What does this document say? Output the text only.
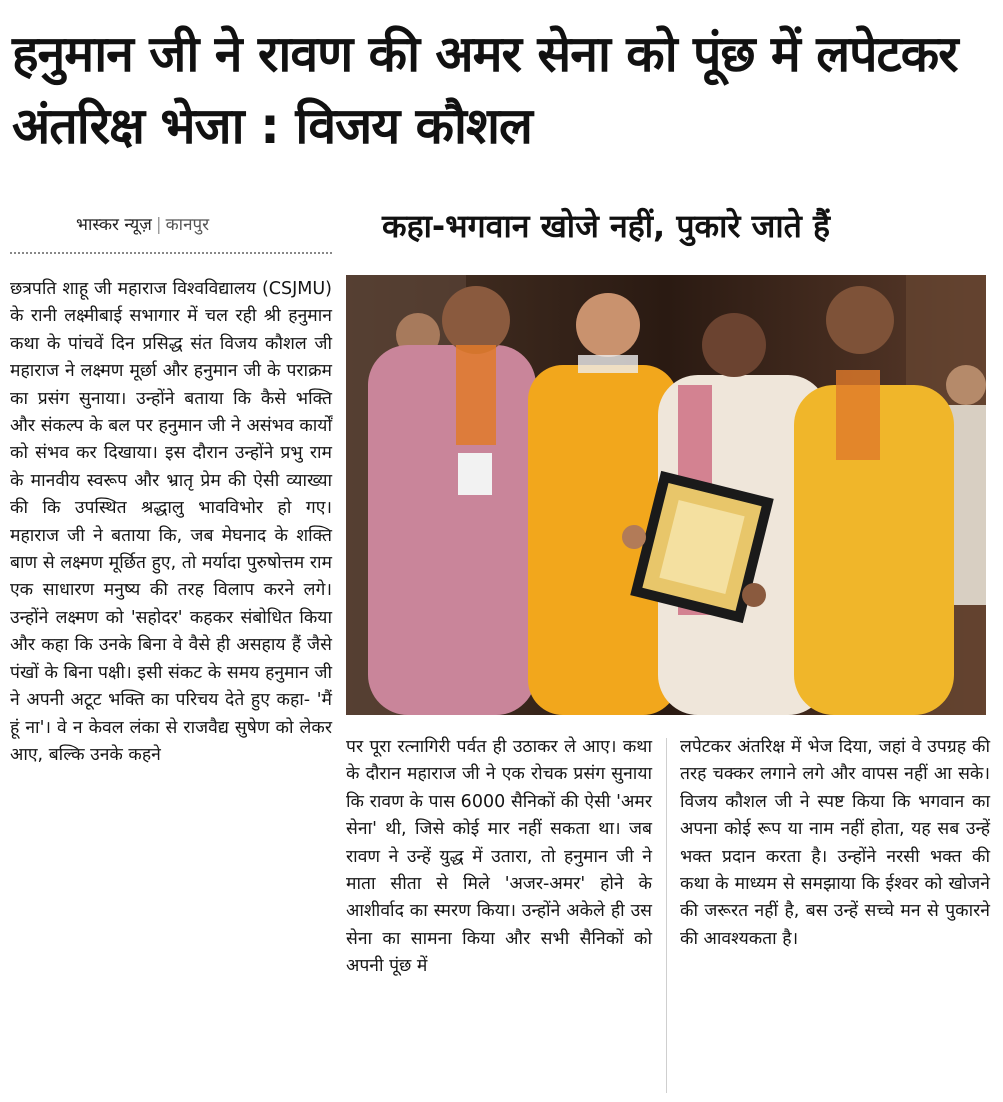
हनुमान जी ने रावण की अमर सेना को पूंछ में लपेटकर अंतरिक्ष भेजा : विजय कौशल
भास्कर न्यूज़ | कानपुर	कहा-भगवान खोजे नहीं, पुकारे जाते हैं
छत्रपति शाहू जी महाराज विश्वविद्यालय (CSJMU) के रानी लक्ष्मीबाई सभागार में चल रही श्री हनुमान कथा के पांचवें दिन प्रसिद्ध संत विजय कौशल जी महाराज ने लक्ष्मण मूर्छा और हनुमान जी के पराक्रम का प्रसंग सुनाया। उन्होंने बताया कि कैसे भक्ति और संकल्प के बल पर हनुमान जी ने असंभव कार्यों को संभव कर दिखाया। इस दौरान उन्होंने प्रभु राम के मानवीय स्वरूप और भ्रातृ प्रेम की ऐसी व्याख्या की कि उपस्थित श्रद्धालु भावविभोर हो गए। महाराज जी ने बताया कि, जब मेघनाद के शक्ति बाण से लक्ष्मण मूर्छित हुए, तो मर्यादा पुरुषोत्तम राम एक साधारण मनुष्य की तरह विलाप करने लगे। उन्होंने लक्ष्मण को 'सहोदर' कहकर संबोधित किया और कहा कि उनके बिना वे वैसे ही असहाय हैं जैसे पंखों के बिना पक्षी। इसी संकट के समय हनुमान जी ने अपनी अटूट भक्ति का परिचय देते हुए कहा- 'मैं हूं ना'। वे न केवल लंका से राजवैद्य सुषेण को लेकर आए, बल्कि उनके कहने	पर पूरा रत्नागिरी पर्वत ही उठाकर ले आए। कथा के दौरान महाराज जी ने एक रोचक प्रसंग सुनाया कि रावण के पास 6000 सैनिकों की ऐसी 'अमर सेना' थी, जिसे कोई मार नहीं सकता था। जब रावण ने उन्हें युद्ध में उतारा, तो हनुमान जी ने माता सीता से मिले 'अजर-अमर' होने के आशीर्वाद का स्मरण किया। उन्होंने अकेले ही उस सेना का सामना किया और सभी सैनिकों को अपनी पूंछ में
लपेटकर अंतरिक्ष में भेज दिया, जहां वे उपग्रह की तरह चक्कर लगाने लगे और वापस नहीं आ सके। विजय कौशल जी ने स्पष्ट किया कि भगवान का अपना कोई रूप या नाम नहीं होता, यह सब उन्हें भक्त प्रदान करता है। उन्होंने नरसी भक्त की कथा के माध्यम से समझाया कि ईश्वर को खोजने की जरूरत नहीं है, बस उन्हें सच्चे मन से पुकारने की आवश्यकता है।
